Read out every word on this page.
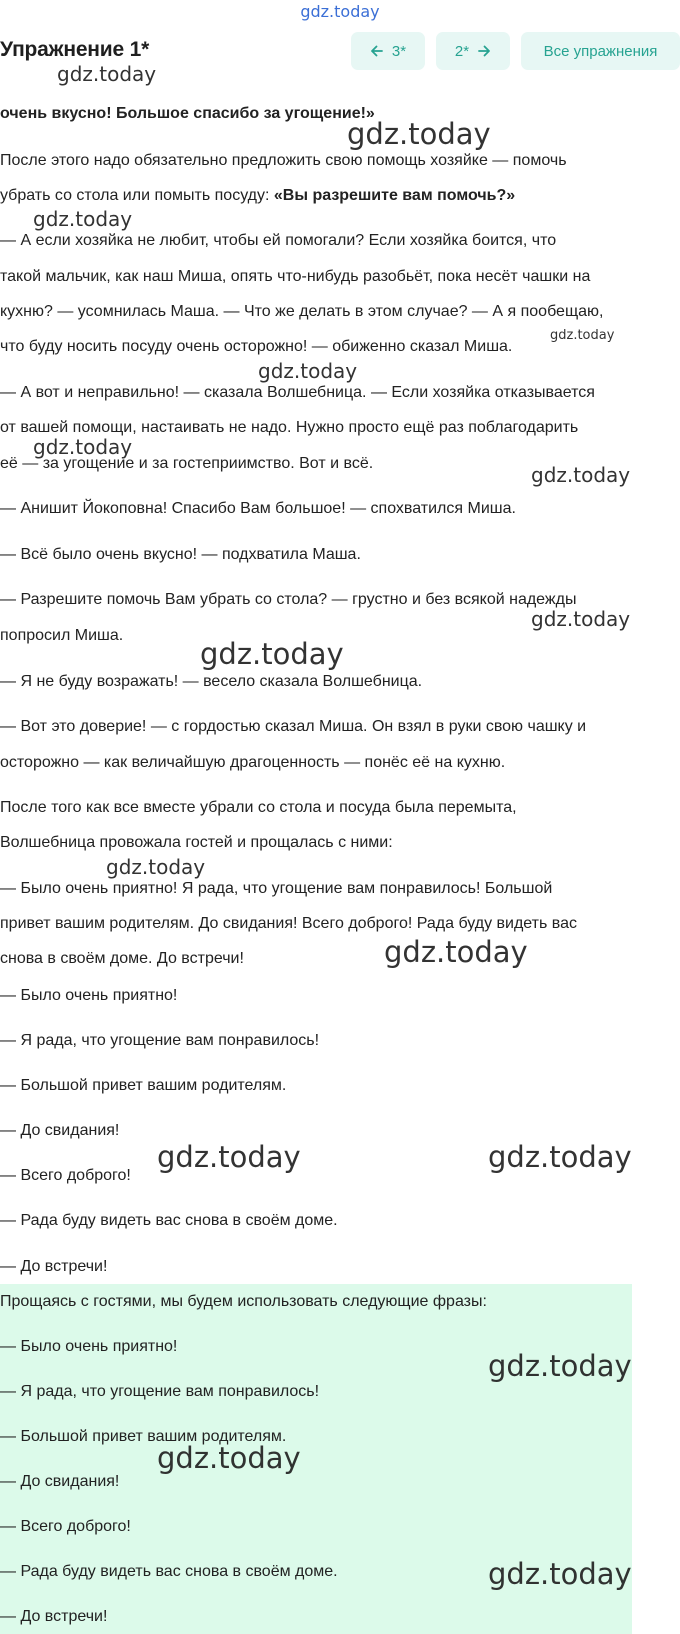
gdz.today
очень вкусно! Большое спасибо за угощение!»
После этого надо обязательно предложить свою помощь хозяйке — помочь
убрать со стола или помыть посуду: «Вы разрешите вам помочь?»
— А если хозяйка не любит, чтобы ей помогали? Если хозяйка боится, что
такой мальчик, как наш Миша, опять что-нибудь разобьёт, пока несёт чашки на
кухню? — усомнилась Маша. — Что же делать в этом случае? — А я пообещаю,
что буду носить посуду очень осторожно! — обиженно сказал Миша.
— А вот и неправильно! — сказала Волшебница. — Если хозяйка отказывается
от вашей помощи, настаивать не надо. Нужно просто ещё раз поблагодарить
её — за угощение и за гостеприимство. Вот и всё.
— Анишит Йокоповна! Спасибо Вам большое! — спохватился Миша.
— Всё было очень вкусно! — подхватила Маша.
— Разрешите помочь Вам убрать со стола? — грустно и без всякой надежды
попросил Миша.
— Я не буду возражать! — весело сказала Волшебница.
— Вот это доверие! — с гордостью сказал Миша. Он взял в руки свою чашку и
осторожно — как величайшую драгоценность — понёс её на кухню.
После того как все вместе убрали со стола и посуда была перемыта,
Волшебница провожала гостей и прощалась с ними:
— Было очень приятно! Я рада, что угощение вам понравилось! Большой
привет вашим родителям. До свидания! Всего доброго! Рада буду видеть вас
снова в своём доме. До встречи!
— Было очень приятно!
— Я рада, что угощение вам понравилось!
— Большой привет вашим родителям.
— До свидания!
— Всего доброго!
— Рада буду видеть вас снова в своём доме.
— До встречи!
Прощаясь с гостями, мы будем использовать следующие фразы:
— Было очень приятно!
— Я рада, что угощение вам понравилось!
— Большой привет вашим родителям.
— До свидания!
— Всего доброго!
— Рада буду видеть вас снова в своём доме.
— До встречи!
Упражнение 1*	3*	2*	Все упражнения
gdz.today
gdz.today
gdz.today
gdz.today
gdz.today
gdz.today
gdz.today
gdz.today
gdz.today
gdz.today
gdz.today
gdz.today	gdz.today
gdz.today
gdz.today
gdz.today
